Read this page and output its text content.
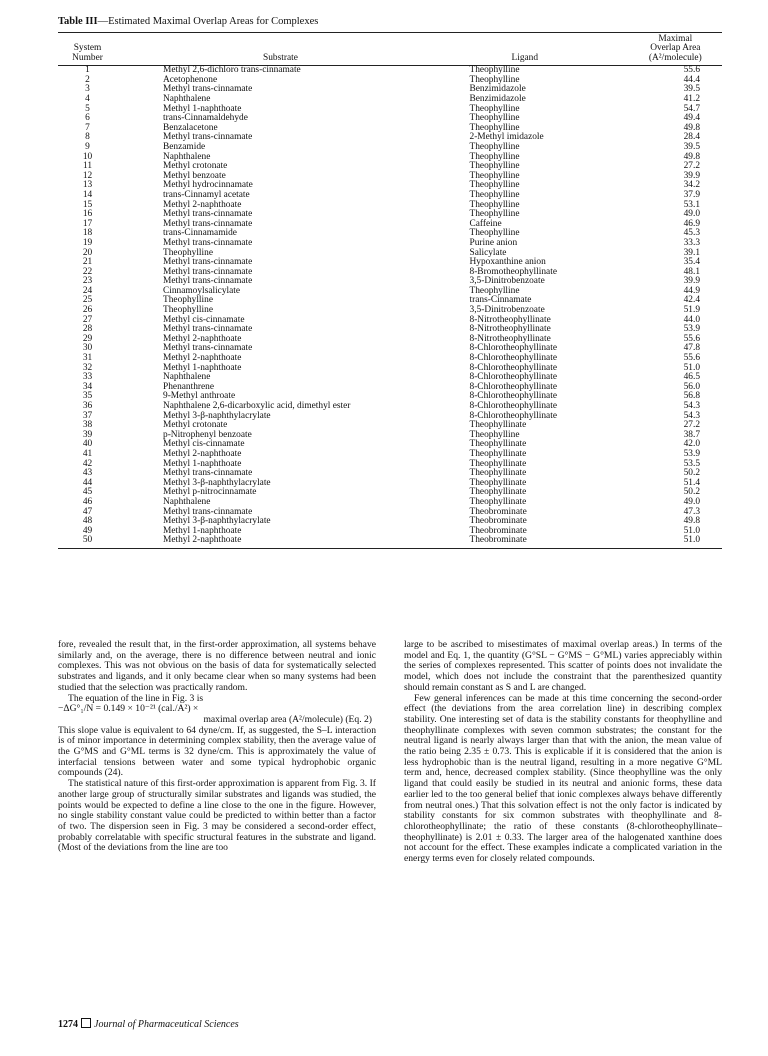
Table III—Estimated Maximal Overlap Areas for Complexes
System
Number	Substrate	Ligand	Maximal
Overlap Area
(A²/molecule)

1	Methyl 2,6-dichloro trans-cinnamate	Theophylline	55.6
2	Acetophenone	Theophylline	44.4
3	Methyl trans-cinnamate	Benzimidazole	39.5
4	Naphthalene	Benzimidazole	41.2
5	Methyl 1-naphthoate	Theophylline	54.7
6	trans-Cinnamaldehyde	Theophylline	49.4
7	Benzalacetone	Theophylline	49.8
8	Methyl trans-cinnamate	2-Methyl imidazole	28.4
9	Benzamide	Theophylline	39.5
10	Naphthalene	Theophylline	49.8
11	Methyl crotonate	Theophylline	27.2
12	Methyl benzoate	Theophylline	39.9
13	Methyl hydrocinnamate	Theophylline	34.2
14	trans-Cinnamyl acetate	Theophylline	37.9
15	Methyl 2-naphthoate	Theophylline	53.1
16	Methyl trans-cinnamate	Theophylline	49.0
17	Methyl trans-cinnamate	Caffeine	46.9
18	trans-Cinnamamide	Theophylline	45.3
19	Methyl trans-cinnamate	Purine anion	33.3
20	Theophylline	Salicylate	39.1
21	Methyl trans-cinnamate	Hypoxanthine anion	35.4
22	Methyl trans-cinnamate	8-Bromotheophyllinate	48.1
23	Methyl trans-cinnamate	3,5-Dinitrobenzoate	39.9
24	Cinnamoylsalicylate	Theophylline	44.9
25	Theophylline	trans-Cinnamate	42.4
26	Theophylline	3,5-Dinitrobenzoate	51.9
27	Methyl cis-cinnamate	8-Nitrotheophyllinate	44.0
28	Methyl trans-cinnamate	8-Nitrotheophyllinate	53.9
29	Methyl 2-naphthoate	8-Nitrotheophyllinate	55.6
30	Methyl trans-cinnamate	8-Chlorotheophyllinate	47.8
31	Methyl 2-naphthoate	8-Chlorotheophyllinate	55.6
32	Methyl 1-naphthoate	8-Chlorotheophyllinate	51.0
33	Naphthalene	8-Chlorotheophyllinate	46.5
34	Phenanthrene	8-Chlorotheophyllinate	56.0
35	9-Methyl anthroate	8-Chlorotheophyllinate	56.8
36	Naphthalene 2,6-dicarboxylic acid, dimethyl ester	8-Chlorotheophyllinate	54.3
37	Methyl 3-β-naphthylacrylate	8-Chlorotheophyllinate	54.3
38	Methyl crotonate	Theophyllinate	27.2
39	p-Nitrophenyl benzoate	Theophylline	38.7
40	Methyl cis-cinnamate	Theophyllinate	42.0
41	Methyl 2-naphthoate	Theophyllinate	53.9
42	Methyl 1-naphthoate	Theophyllinate	53.5
43	Methyl trans-cinnamate	Theophyllinate	50.2
44	Methyl 3-β-naphthylacrylate	Theophyllinate	51.4
45	Methyl p-nitrocinnamate	Theophyllinate	50.2
46	Naphthalene	Theophyllinate	49.0
47	Methyl trans-cinnamate	Theobrominate	47.3
48	Methyl 3-β-naphthylacrylate	Theobrominate	49.8
49	Methyl 1-naphthoate	Theobrominate	51.0
50	Methyl 2-naphthoate	Theobrominate	51.0

fore, revealed the result that, in the first-order approximation, all systems behave similarly and, on the average, there is no difference between neutral and ionic complexes. This was not obvious on the basis of data for systematically selected substrates and ligands, and it only became clear when so many systems had been studied that the selection was practically random.

The equation of the line in Fig. 3 is

−ΔG°₁/N = 0.149 × 10⁻²¹ (cal./A²) ×
maximal overlap area (A²/molecule) (Eq. 2)

This slope value is equivalent to 64 dyne/cm. If, as suggested, the S–L interaction is of minor importance in determining complex stability, then the average value of the G°MS and G°ML terms is 32 dyne/cm. This is approximately the value of interfacial tensions between water and some typical hydrophobic organic compounds (24).

The statistical nature of this first-order approximation is apparent from Fig. 3. If another large group of structurally similar substrates and ligands was studied, the points would be expected to define a line close to the one in the figure. However, no single stability constant value could be predicted to within better than a factor of two. The dispersion seen in Fig. 3 may be considered a second-order effect, probably correlatable with specific structural features in the substrate and ligand. (Most of the deviations from the line are too

large to be ascribed to misestimates of maximal overlap areas.) In terms of the model and Eq. 1, the quantity (G°SL − G°MS − G°ML) varies appreciably within the series of complexes represented. This scatter of points does not invalidate the model, which does not include the constraint that the parenthesized quantity should remain constant as S and L are changed.

Few general inferences can be made at this time concerning the second-order effect (the deviations from the area correlation line) in describing complex stability. One interesting set of data is the stability constants for theophylline and theophyllinate complexes with seven common substrates; the constant for the neutral ligand is nearly always larger than that with the anion, the mean value of the ratio being 2.35 ± 0.73. This is explicable if it is considered that the anion is less hydrophobic than is the neutral ligand, resulting in a more negative G°ML term and, hence, decreased complex stability. (Since theophylline was the only ligand that could easily be studied in its neutral and anionic forms, these data earlier led to the too general belief that ionic complexes always behave differently from neutral ones.) That this solvation effect is not the only factor is indicated by stability constants for six common substrates with theophyllinate and 8-chlorotheophyllinate; the ratio of these constants (8-chlorotheophyllinate–theophyllinate) is 2.01 ± 0.33. The larger area of the halogenated xanthine does not account for the effect. These examples indicate a complicated variation in the energy terms even for closely related compounds.

1274 Journal of Pharmaceutical Sciences
